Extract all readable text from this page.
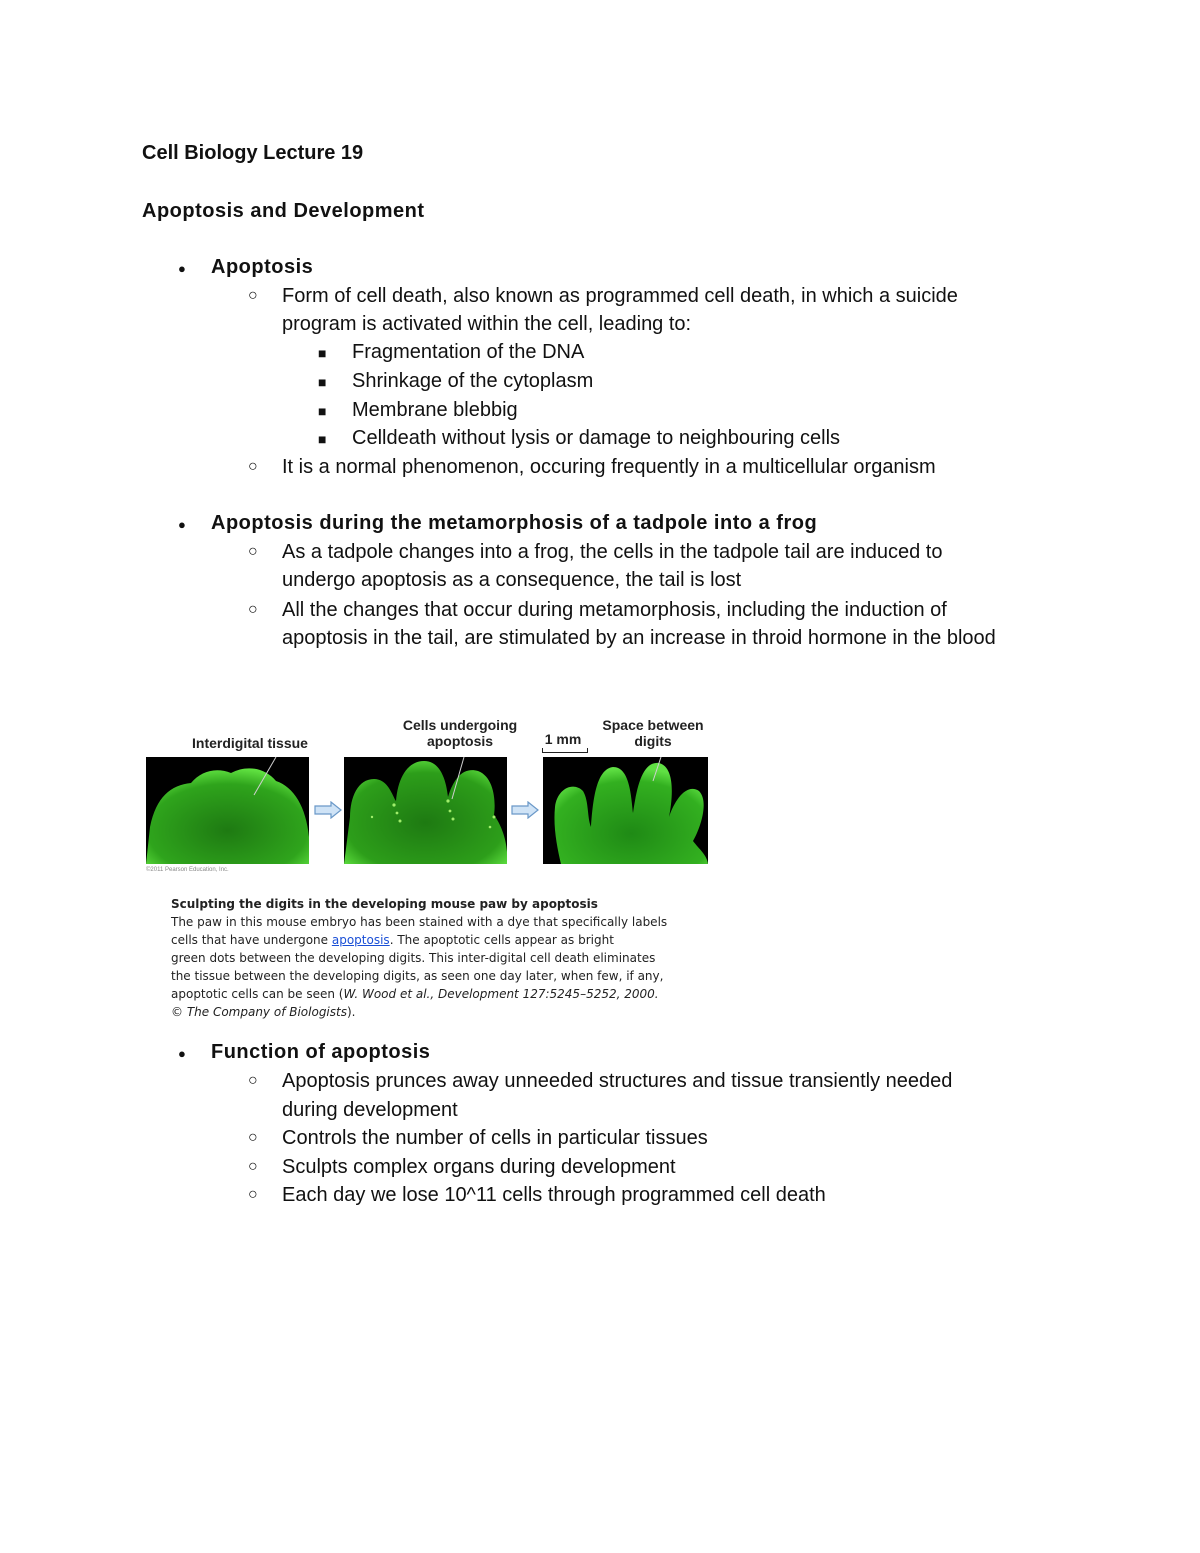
Cell Biology Lecture 19
Apoptosis and Development
● Apoptosis
○ Form of cell death, also known as programmed cell death, in which a suicide
program is activated within the cell, leading to:
■ Fragmentation of the DNA
■ Shrinkage of the cytoplasm
■ Membrane blebbig
■ Celldeath without lysis or damage to neighbouring cells
○ It is a normal phenomenon, occuring frequently in a multicellular organism
● Apoptosis during the metamorphosis of a tadpole into a frog
○ As a tadpole changes into a frog, the cells in the tadpole tail are induced to
undergo apoptosis as a consequence, the tail is lost
○ All the changes that occur during metamorphosis, including the induction of
apoptosis in the tail, are stimulated by an increase in throid hormone in the blood
Interdigital tissue
Cells undergoing
apoptosis	1 mm
Space between
digits
©2011 Pearson Education, Inc.
Sculpting the digits in the developing mouse paw by apoptosis
The paw in this mouse embryo has been stained with a dye that specifically labels
cells that have undergone apoptosis. The apoptotic cells appear as bright
green dots between the developing digits. This inter-digital cell death eliminates
the tissue between the developing digits, as seen one day later, when few, if any,
apoptotic cells can be seen (W. Wood et al., Development 127:5245–5252, 2000.
© The Company of Biologists).
● Function of apoptosis
○ Apoptosis prunces away unneeded structures and tissue transiently needed
during development
○ Controls the number of cells in particular tissues
○ Sculpts complex organs during development
○ Each day we lose 10^11 cells through programmed cell death
